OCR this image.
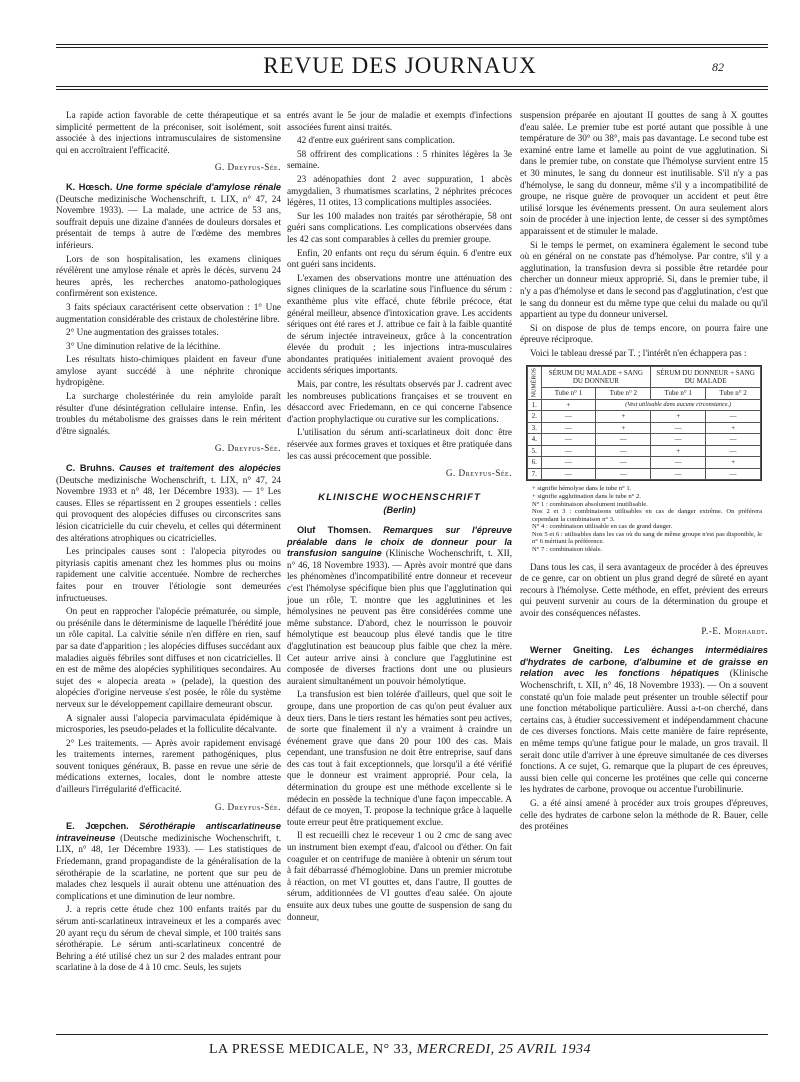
REVUE DES JOURNAUX	82

La rapide action favorable de cette thérapeutique et sa simplicité permettent de la préconiser, soit isolément, soit associée à des injections intramusculaires de sistomensine qui en accroîtraient l'efficacité.

G. Dreyfus-Sée.

K. Hœsch. Une forme spéciale d'amylose rénale (Deutsche medizinische Wochenschrift, t. LIX, n° 47, 24 Novembre 1933). — La malade, une actrice de 53 ans, souffrait depuis une dizaine d'années de douleurs dorsales et présentait de temps à autre de l'œdème des membres inférieurs.

Lors de son hospitalisation, les examens cliniques révélèrent une amylose rénale et après le décès, survenu 24 heures après, les recherches anatomo-pathologiques confirmèrent son existence.

3 faits spéciaux caractérisent cette observation : 1° Une augmentation considérable des cristaux de cholestérine libre.

2° Une augmentation des graisses totales.

3° Une diminution relative de la lécithine.

Les résultats histo-chimiques plaident en faveur d'une amylose ayant succédé à une néphrite chronique hydropigène.

La surcharge cholestérinée du rein amyloïde paraît résulter d'une désintégration cellulaire intense. Enfin, les troubles du métabolisme des graisses dans le rein méritent d'être signalés.

G. Dreyfus-Sée.

C. Bruhns. Causes et traitement des alopécies (Deutsche medizinische Wochenschrift, t. LIX, n° 47, 24 Novembre 1933 et n° 48, 1er Décembre 1933). — 1° Les causes. Elles se répartissent en 2 groupes essentiels : celles qui provoquent des alopécies diffuses ou circonscrites sans lésion cicatricielle du cuir chevelu, et celles qui déterminent des altérations atrophiques ou cicatricielles.

Les principales causes sont : l'alopecia pityrodes ou pityriasis capitis amenant chez les hommes plus ou moins rapidement une calvitie accentuée. Nombre de recherches faites pour en trouver l'étiologie sont demeurées infructueuses.

On peut en rapprocher l'alopécie prématurée, ou simple, ou présénile dans le déterminisme de laquelle l'hérédité joue un rôle capital. La calvitie sénile n'en diffère en rien, sauf par sa date d'apparition ; les alopécies diffuses succédant aux maladies aiguës fébriles sont diffuses et non cicatricielles. Il en est de même des alopécies syphilitiques secondaires. Au sujet des « alopecia areata » (pelade), la question des alopécies d'origine nerveuse s'est posée, le rôle du système nerveux sur le développement capillaire demeurant obscur.

A signaler aussi l'alopecia parvimaculata épidémique à microspories, les pseudo-pelades et la folliculite décalvante.

2° Les traitements. — Après avoir rapidement envisagé les traitements internes, rarement pathogéniques, plus souvent toniques généraux, B. passe en revue une série de médications externes, locales, dont le nombre atteste d'ailleurs l'irrégularité d'efficacité.

G. Dreyfus-Sée.

E. Jœpchen. Sérothérapie antiscarlatineuse intraveineuse (Deutsche medizinische Wochenschrift, t. LIX, n° 48, 1er Décembre 1933). — Les statistiques de Friedemann, grand propagandiste de la généralisation de la sérothérapie de la scarlatine, ne portent que sur peu de malades chez lesquels il aurait obtenu une atténuation des complications et une diminution de leur nombre.

J. a repris cette étude chez 100 enfants traités par du sérum anti-scarlatineux intraveineux et les a comparés avec 20 ayant reçu du sérum de cheval simple, et 100 traités sans sérothérapie. Le sérum anti-scarlatineux concentré de Behring a été utilisé chez un sur 2 des malades entrant pour scarlatine à la dose de 4 à 10 cmc. Seuls, les sujets

entrés avant le 5e jour de maladie et exempts d'infections associées furent ainsi traités.

42 d'entre eux guérirent sans complication.

58 offrirent des complications : 5 rhinites légères la 3e semaine.

23 adénopathies dont 2 avec suppuration, 1 abcès amygdalien, 3 rhumatismes scarlatins, 2 néphrites précoces légères, 11 otites, 13 complications multiples associées.

Sur les 100 malades non traités par sérothérapie, 58 ont guéri sans complications. Les complications observées dans les 42 cas sont comparables à celles du premier groupe.

Enfin, 20 enfants ont reçu du sérum équin. 6 d'entre eux ont guéri sans incidents.

L'examen des observations montre une atténuation des signes cliniques de la scarlatine sous l'influence du sérum : exanthème plus vite effacé, chute fébrile précoce, état général meilleur, absence d'intoxication grave. Les accidents sériques ont été rares et J. attribue ce fait à la faible quantité de sérum injectée intraveineux, grâce à la concentration élevée du produit ; les injections intra-musculaires abondantes pratiquées initialement avaient provoqué des accidents sériques importants.

Mais, par contre, les résultats observés par J. cadrent avec les nombreuses publications françaises et se trouvent en désaccord avec Friedemann, en ce qui concerne l'absence d'action prophylactique ou curative sur les complications.

L'utilisation du sérum anti-scarlatineux doit donc être réservée aux formes graves et toxiques et être pratiquée dans les cas aussi précocement que possible.

G. Dreyfus-Sée.
KLINISCHE WOCHENSCHRIFT
(Berlin)

Oluf Thomsen. Remarques sur l'épreuve préalable dans le choix de donneur pour la transfusion sanguine (Klinische Wochenschrift, t. XII, n° 46, 18 Novembre 1933). — Après avoir montré que dans les phénomènes d'incompatibilité entre donneur et receveur c'est l'hémolyse spécifique bien plus que l'agglutination qui joue un rôle, T. montre que les agglutinines et les hémolysines ne peuvent pas être considérées comme une même substance. D'abord, chez le nourrisson le pouvoir hémolytique est beaucoup plus élevé tandis que le titre d'agglutination est beaucoup plus faible que chez la mère. Cet auteur arrive ainsi à conclure que l'agglutinine est composée de diverses fractions dont une ou plusieurs auraient simultanément un pouvoir hémolytique.

La transfusion est bien tolérée d'ailleurs, quel que soit le groupe, dans une proportion de cas qu'on peut évaluer aux deux tiers. Dans le tiers restant les hématies sont peu actives, de sorte que finalement il n'y a vraiment à craindre un événement grave que dans 20 pour 100 des cas. Mais cependant, une transfusion ne doit être entreprise, sauf dans des cas tout à fait exceptionnels, que lorsqu'il a été vérifié que le donneur est vraiment approprié. Pour cela, la détermination du groupe est une méthode excellente si le médecin en possède la technique d'une façon impeccable. A défaut de ce moyen, T. propose la technique grâce à laquelle toute erreur peut être pratiquement exclue.

Il est recueilli chez le receveur 1 ou 2 cmc de sang avec un instrument bien exempt d'eau, d'alcool ou d'éther. On fait coaguler et on centrifuge de manière à obtenir un sérum tout à fait débarrassé d'hémoglobine. Dans un premier microtube à réaction, on met VI gouttes et, dans l'autre, II gouttes de sérum, additionnées de VI gouttes d'eau salée. On ajoute ensuite aux deux tubes une goutte de suspension de sang du donneur,

suspension préparée en ajoutant II gouttes de sang à X gouttes d'eau salée. Le premier tube est porté autant que possible à une température de 30° ou 38°, mais pas davantage. Le second tube est examiné entre lame et lamelle au point de vue agglutination. Si dans le premier tube, on constate que l'hémolyse survient entre 15 et 30 minutes, le sang du donneur est inutilisable. S'il n'y a pas d'hémolyse, le sang du donneur, même s'il y a incompatibilité de groupe, ne risque guère de provoquer un accident et peut être utilisé lorsque les événements pressent. On aura seulement alors soin de procéder à une injection lente, de cesser si des symptômes apparaissent et de stimuler le malade.

Si le temps le permet, on examinera également le second tube où en général on ne constate pas d'hémolyse. Par contre, s'il y a agglutination, la transfusion devra si possible être retardée pour chercher un donneur mieux approprié. Si, dans le premier tube, il n'y a pas d'hémolyse et dans le second pas d'agglutination, c'est que le sang du donneur est du même type que celui du malade ou qu'il appartient au type du donneur universel.

Si on dispose de plus de temps encore, on pourra faire une épreuve réciproque.

Voici le tableau dressé par T. ; l'intérêt n'en échappera pas :

NUMÉROS	SÉRUM DU MALADE + SANG DU DONNEUR		SÉRUM DU DONNEUR + SANG DU MALADE	
	Tube n° 1	Tube n° 2	Tube n° 1	Tube n° 2
1.	+	(Vest utilisable dans aucune circonstance.)		
2.	—	+	+	—
3.	—	+	—	+
4.	—	—	—	—
5.	—	—	+	—
6.	—	—	—	+
7.	—	—	—	—
+ signifie hémolyse dans le tube n° 1.
+ signifie agglutination dans le tube n° 2.
N° 1 : combinaison absolument inutilisable.
Nos 2 et 3 : combinaisons utilisables en cas de danger extrême. On préférera cependant la combinaison n° 3.
N° 4 : combinaison utilisable en cas de grand danger.
Nos 5 et 6 : utilisables dans les cas où du sang de même groupe n'est pas disponible, le n° 6 méritant la préférence.
N° 7 : combinaison idéale.

Dans tous les cas, il sera avantageux de procéder à des épreuves de ce genre, car on obtient un plus grand degré de sûreté en ayant recours à l'hémolyse. Cette méthode, en effet, prévient des erreurs qui peuvent survenir au cours de la détermination du groupe et avoir des conséquences néfastes.

P.-E. Morhardt.

Werner Gneiting. Les échanges intermédiaires d'hydrates de carbone, d'albumine et de graisse en relation avec les fonctions hépatiques (Klinische Wochenschrift, t. XII, n° 46, 18 Novembre 1933). — On a souvent constaté qu'un foie malade peut présenter un trouble sélectif pour une fonction métabolique particulière. Aussi a-t-on cherché, dans certains cas, à étudier successivement et indépendamment chacune de ces diverses fonctions. Mais cette manière de faire représente, en même temps qu'une fatigue pour le malade, un gros travail. Il serait donc utile d'arriver à une épreuve simultanée de ces diverses fonctions. A ce sujet, G. remarque que la plupart de ces épreuves, aussi bien celle qui concerne les protéines que celle qui concerne les hydrates de carbone, provoque ou accentue l'urobilinurie.

G. a été ainsi amené à procéder aux trois groupes d'épreuves, celle des hydrates de carbone selon la méthode de R. Bauer, celle des protéines

LA PRESSE MEDICALE, N° 33, MERCREDI, 25 AVRIL 1934
